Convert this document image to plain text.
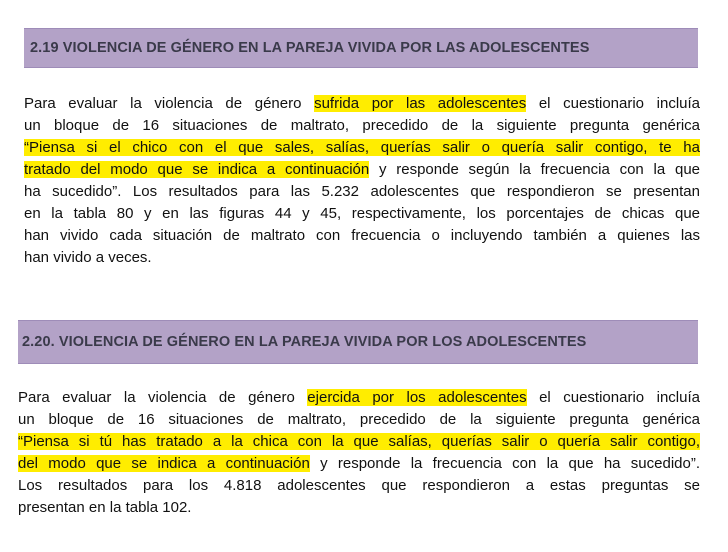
2.19 VIOLENCIA DE GÉNERO EN LA PAREJA VIVIDA POR LAS ADOLESCENTES
Para evaluar la violencia de género sufrida por las adolescentes el cuestionario incluía
un bloque de 16 situaciones de maltrato, precedido de la siguiente pregunta genérica
“Piensa si el chico con el que sales, salías, querías salir o quería salir contigo, te ha
tratado del modo que se indica a continuación y responde según la frecuencia con la que
ha sucedido”. Los resultados para las 5.232 adolescentes que respondieron se presentan
en la tabla 80 y en las figuras 44 y 45, respectivamente, los porcentajes de chicas que
han vivido cada situación de maltrato con frecuencia o incluyendo también a quienes las
han vivido a veces.
2.20. VIOLENCIA DE GÉNERO EN LA PAREJA VIVIDA POR LOS ADOLESCENTES
Para evaluar la violencia de género ejercida por los adolescentes el cuestionario incluía
un bloque de 16 situaciones de maltrato, precedido de la siguiente pregunta genérica
“Piensa si tú has tratado a la chica con la que salías, querías salir o quería salir contigo,
del modo que se indica a continuación y responde la frecuencia con la que ha sucedido”.
Los resultados para los 4.818 adolescentes que respondieron a estas preguntas se
presentan en la tabla 102.
